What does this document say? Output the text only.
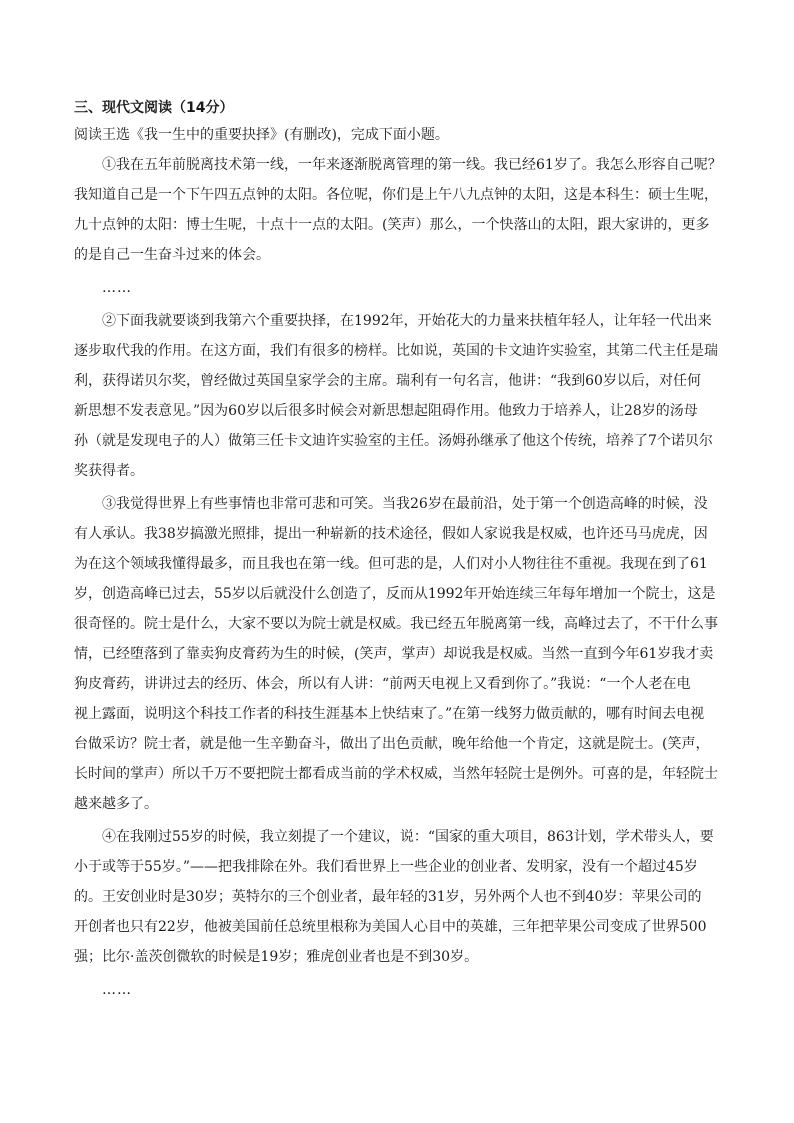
三、现代文阅读（14分）
阅读王选《我一生中的重要抉择》(有删改)，完成下面小题。
①我在五年前脱离技术第一线，一年来逐渐脱离管理的第一线。我已经61岁了。我怎么形容自己呢？
我知道自己是一个下午四五点钟的太阳。各位呢，你们是上午八九点钟的太阳，这是本科生：硕士生呢，
九十点钟的太阳：博士生呢，十点十一点的太阳。(笑声）那么，一个快落山的太阳，跟大家讲的，更多
的是自己一生奋斗过来的体会。
……
②下面我就要谈到我第六个重要抉择，在1992年，开始花大的力量来扶植年轻人，让年轻一代出来
逐步取代我的作用。在这方面，我们有很多的榜样。比如说，英国的卡文迪许实验室，其第二代主任是瑞
利，获得诺贝尔奖，曾经做过英国皇家学会的主席。瑞利有一句名言，他讲：“我到60岁以后，对任何
新思想不发表意见。”因为60岁以后很多时候会对新思想起阻碍作用。他致力于培养人，让28岁的汤母
孙（就是发现电子的人）做第三任卡文迪许实验室的主任。汤姆孙继承了他这个传统，培养了7个诺贝尔
奖获得者。
③我觉得世界上有些事情也非常可悲和可笑。当我26岁在最前沿，处于第一个创造高峰的时候，没
有人承认。我38岁搞激光照排，提出一种崭新的技术途径，假如人家说我是权威，也许还马马虎虎，因
为在这个领域我懂得最多，而且我也在第一线。但可悲的是，人们对小人物往往不重视。我现在到了61
岁，创造高峰已过去，55岁以后就没什么创造了，反而从1992年开始连续三年每年增加一个院士，这是
很奇怪的。院士是什么，大家不要以为院士就是权威。我已经五年脱离第一线，高峰过去了，不干什么事
情，已经堕落到了靠卖狗皮膏药为生的时候，(笑声，掌声）却说我是权威。当然一直到今年61岁我才卖
狗皮膏药，讲讲过去的经历、体会，所以有人讲：“前两天电视上又看到你了。”我说：“一个人老在电
视上露面，说明这个科技工作者的科技生涯基本上快结束了。”在第一线努力做贡献的，哪有时间去电视
台做采访？院士者，就是他一生辛勤奋斗，做出了出色贡献，晚年给他一个肯定，这就是院士。(笑声，
长时间的掌声）所以千万不要把院士都看成当前的学术权威，当然年轻院士是例外。可喜的是，年轻院士
越来越多了。
④在我刚过55岁的时候，我立刻提了一个建议，说：“国家的重大项目，863计划，学术带头人，要
小于或等于55岁。”——把我排除在外。我们看世界上一些企业的创业者、发明家，没有一个超过45岁
的。王安创业时是30岁；英特尔的三个创业者，最年轻的31岁，另外两个人也不到40岁：苹果公司的
开创者也只有22岁，他被美国前任总统里根称为美国人心目中的英雄，三年把苹果公司变成了世界500
强；比尔·盖茨创微软的时候是19岁；雅虎创业者也是不到30岁。
……
